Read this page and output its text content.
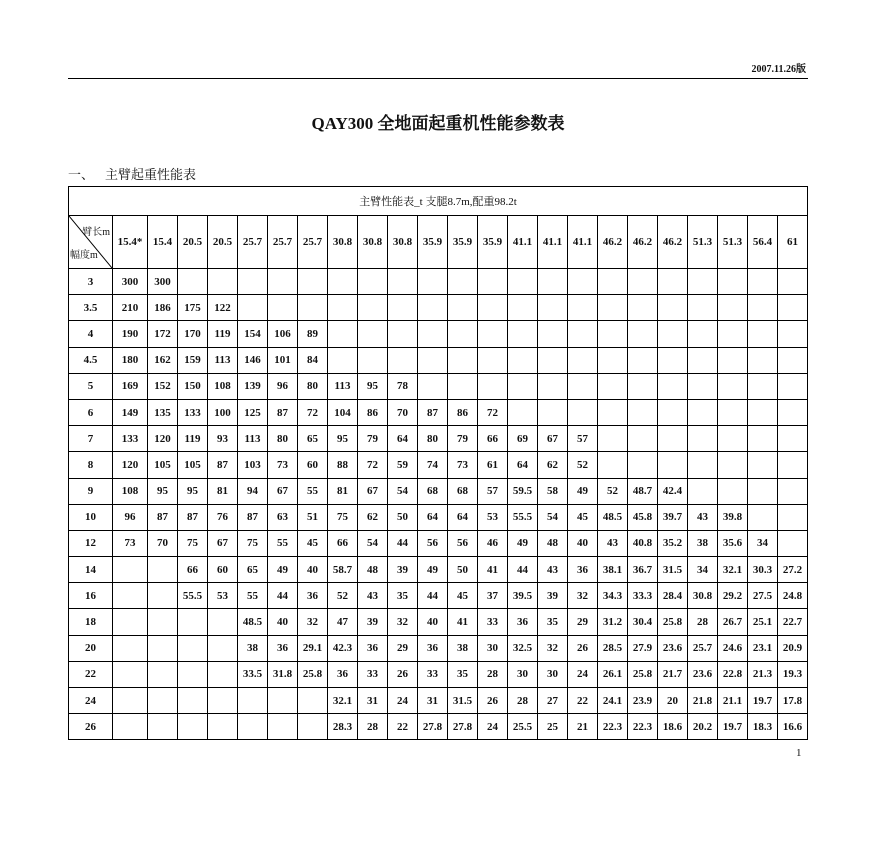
2007.11.26版
QAY300 全地面起重机性能参数表
一、 主臂起重性能表
主臂性能表_t 支腿8.7m,配重98.2t																							

臂长m
幅度m	15.4*	15.4	20.5	20.5	25.7	25.7	25.7	30.8	30.8	30.8	35.9	35.9	35.9	41.1	41.1	41.1	46.2	46.2	46.2	51.3	51.3	56.4	61
3	300	300																					
3.5	210	186	175	122																			
4	190	172	170	119	154	106	89																
4.5	180	162	159	113	146	101	84																
5	169	152	150	108	139	96	80	113	95	78													
6	149	135	133	100	125	87	72	104	86	70	87	86	72										
7	133	120	119	93	113	80	65	95	79	64	80	79	66	69	67	57							
8	120	105	105	87	103	73	60	88	72	59	74	73	61	64	62	52							
9	108	95	95	81	94	67	55	81	67	54	68	68	57	59.5	58	49	52	48.7	42.4				
10	96	87	87	76	87	63	51	75	62	50	64	64	53	55.5	54	45	48.5	45.8	39.7	43	39.8		
12	73	70	75	67	75	55	45	66	54	44	56	56	46	49	48	40	43	40.8	35.2	38	35.6	34	
14			66	60	65	49	40	58.7	48	39	49	50	41	44	43	36	38.1	36.7	31.5	34	32.1	30.3	27.2
16			55.5	53	55	44	36	52	43	35	44	45	37	39.5	39	32	34.3	33.3	28.4	30.8	29.2	27.5	24.8
18					48.5	40	32	47	39	32	40	41	33	36	35	29	31.2	30.4	25.8	28	26.7	25.1	22.7
20					38	36	29.1	42.3	36	29	36	38	30	32.5	32	26	28.5	27.9	23.6	25.7	24.6	23.1	20.9
22					33.5	31.8	25.8	36	33	26	33	35	28	30	30	24	26.1	25.8	21.7	23.6	22.8	21.3	19.3
24								32.1	31	24	31	31.5	26	28	27	22	24.1	23.9	20	21.8	21.1	19.7	17.8
26								28.3	28	22	27.8	27.8	24	25.5	25	21	22.3	22.3	18.6	20.2	19.7	18.3	16.6
1
